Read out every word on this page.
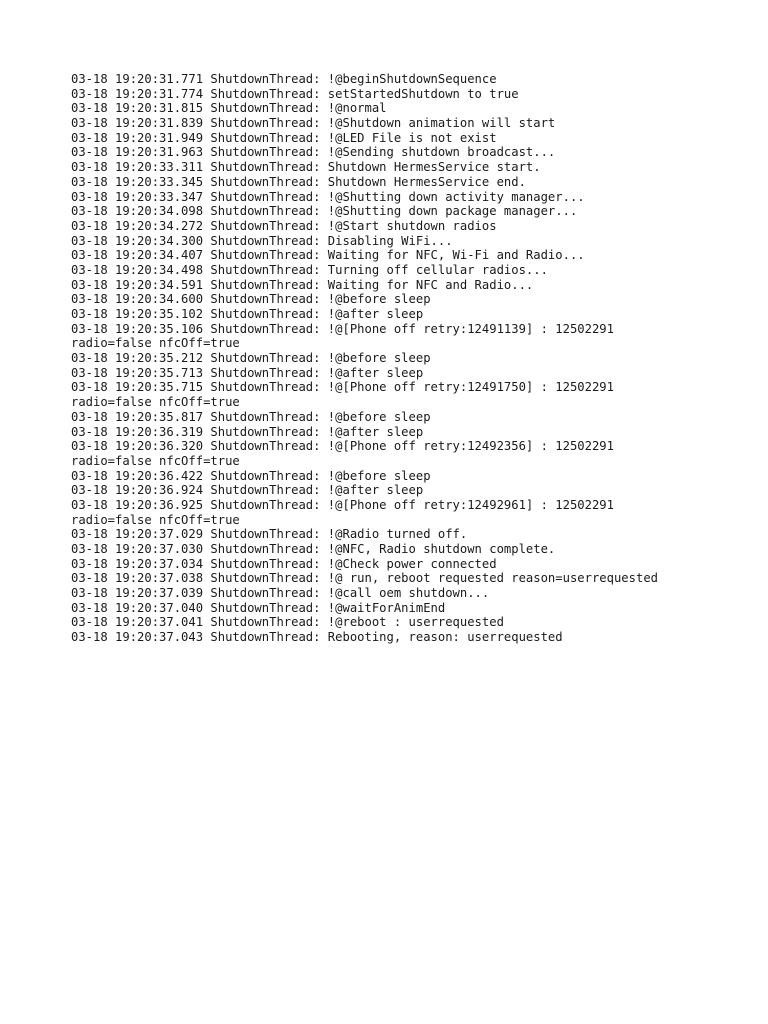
03-18 19:20:31.771 ShutdownThread: !@beginShutdownSequence
03-18 19:20:31.774 ShutdownThread: setStartedShutdown to true
03-18 19:20:31.815 ShutdownThread: !@normal
03-18 19:20:31.839 ShutdownThread: !@Shutdown animation will start
03-18 19:20:31.949 ShutdownThread: !@LED File is not exist
03-18 19:20:31.963 ShutdownThread: !@Sending shutdown broadcast...
03-18 19:20:33.311 ShutdownThread: Shutdown HermesService start.
03-18 19:20:33.345 ShutdownThread: Shutdown HermesService end.
03-18 19:20:33.347 ShutdownThread: !@Shutting down activity manager...
03-18 19:20:34.098 ShutdownThread: !@Shutting down package manager...
03-18 19:20:34.272 ShutdownThread: !@Start shutdown radios
03-18 19:20:34.300 ShutdownThread: Disabling WiFi...
03-18 19:20:34.407 ShutdownThread: Waiting for NFC, Wi-Fi and Radio...
03-18 19:20:34.498 ShutdownThread: Turning off cellular radios...
03-18 19:20:34.591 ShutdownThread: Waiting for NFC and Radio...
03-18 19:20:34.600 ShutdownThread: !@before sleep
03-18 19:20:35.102 ShutdownThread: !@after sleep
03-18 19:20:35.106 ShutdownThread: !@[Phone off retry:12491139] : 12502291
radio=false nfcOff=true
03-18 19:20:35.212 ShutdownThread: !@before sleep
03-18 19:20:35.713 ShutdownThread: !@after sleep
03-18 19:20:35.715 ShutdownThread: !@[Phone off retry:12491750] : 12502291
radio=false nfcOff=true
03-18 19:20:35.817 ShutdownThread: !@before sleep
03-18 19:20:36.319 ShutdownThread: !@after sleep
03-18 19:20:36.320 ShutdownThread: !@[Phone off retry:12492356] : 12502291
radio=false nfcOff=true
03-18 19:20:36.422 ShutdownThread: !@before sleep
03-18 19:20:36.924 ShutdownThread: !@after sleep
03-18 19:20:36.925 ShutdownThread: !@[Phone off retry:12492961] : 12502291
radio=false nfcOff=true
03-18 19:20:37.029 ShutdownThread: !@Radio turned off.
03-18 19:20:37.030 ShutdownThread: !@NFC, Radio shutdown complete.
03-18 19:20:37.034 ShutdownThread: !@Check power connected
03-18 19:20:37.038 ShutdownThread: !@ run, reboot requested reason=userrequested
03-18 19:20:37.039 ShutdownThread: !@call oem shutdown...
03-18 19:20:37.040 ShutdownThread: !@waitForAnimEnd
03-18 19:20:37.041 ShutdownThread: !@reboot : userrequested
03-18 19:20:37.043 ShutdownThread: Rebooting, reason: userrequested
